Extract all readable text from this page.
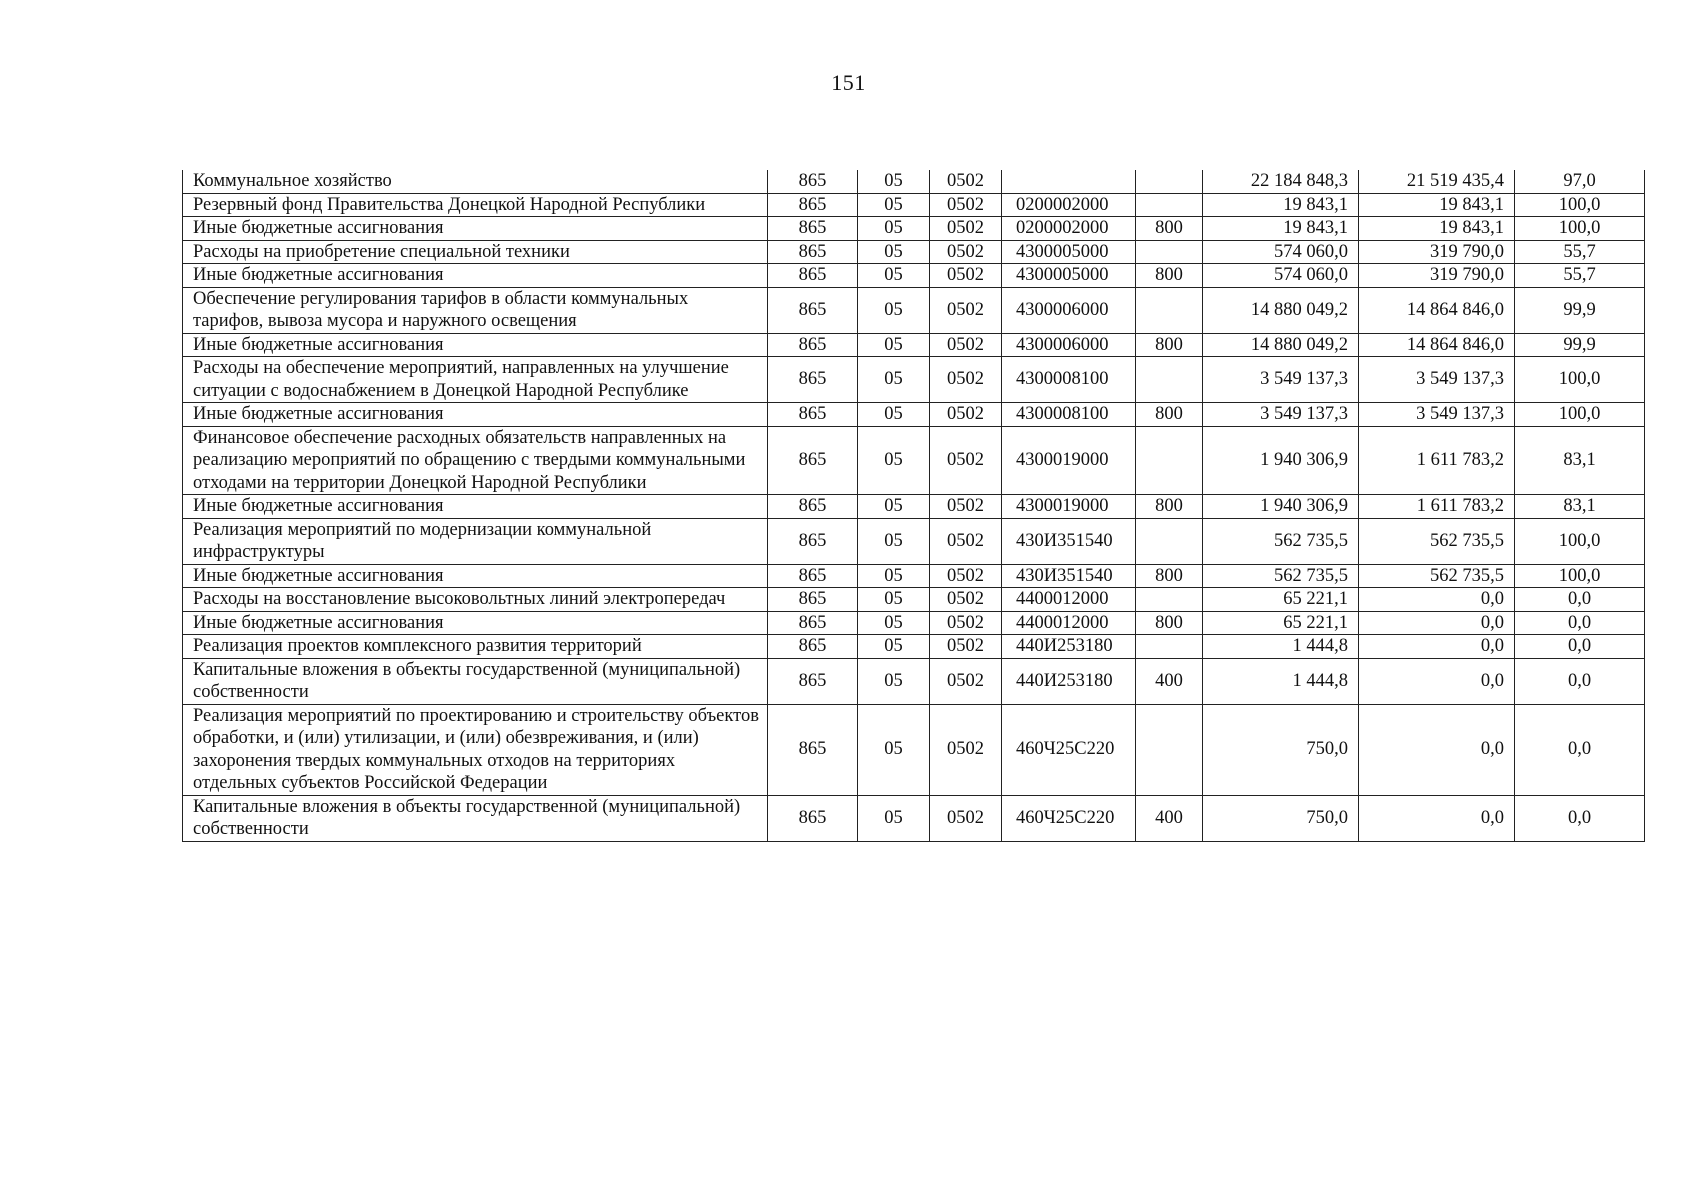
151
Коммунальное хозяйство	865	05	0502			22 184 848,3	21 519 435,4	97,0
Резервный фонд Правительства Донецкой Народной Республики	865	05	0502	0200002000		19 843,1	19 843,1	100,0
Иные бюджетные ассигнования	865	05	0502	0200002000	800	19 843,1	19 843,1	100,0
Расходы на приобретение специальной техники	865	05	0502	4300005000		574 060,0	319 790,0	55,7
Иные бюджетные ассигнования	865	05	0502	4300005000	800	574 060,0	319 790,0	55,7
Обеспечение регулирования тарифов в области коммунальных тарифов, вывоза мусора и наружного освещения	865	05	0502	4300006000		14 880 049,2	14 864 846,0	99,9
Иные бюджетные ассигнования	865	05	0502	4300006000	800	14 880 049,2	14 864 846,0	99,9
Расходы на обеспечение мероприятий, направленных на улучшение ситуации с водоснабжением в Донецкой Народной Республике	865	05	0502	4300008100		3 549 137,3	3 549 137,3	100,0
Иные бюджетные ассигнования	865	05	0502	4300008100	800	3 549 137,3	3 549 137,3	100,0
Финансовое обеспечение расходных обязательств направленных на реализацию мероприятий по обращению с твердыми коммунальными отходами на территории Донецкой Народной Республики	865	05	0502	4300019000		1 940 306,9	1 611 783,2	83,1
Иные бюджетные ассигнования	865	05	0502	4300019000	800	1 940 306,9	1 611 783,2	83,1
Реализация мероприятий по модернизации коммунальной инфраструктуры	865	05	0502	430И351540		562 735,5	562 735,5	100,0
Иные бюджетные ассигнования	865	05	0502	430И351540	800	562 735,5	562 735,5	100,0
Расходы на восстановление высоковольтных линий электропередач	865	05	0502	4400012000		65 221,1	0,0	0,0
Иные бюджетные ассигнования	865	05	0502	4400012000	800	65 221,1	0,0	0,0
Реализация проектов комплексного развития территорий	865	05	0502	440И253180		1 444,8	0,0	0,0
Капитальные вложения в объекты государственной (муниципальной) собственности	865	05	0502	440И253180	400	1 444,8	0,0	0,0
Реализация мероприятий по проектированию и строительству объектов обработки, и (или) утилизации, и (или) обезвреживания, и (или) захоронения твердых коммунальных отходов на территориях отдельных субъектов Российской Федерации	865	05	0502	460Ч25С220		750,0	0,0	0,0
Капитальные вложения в объекты государственной (муниципальной) собственности	865	05	0502	460Ч25С220	400	750,0	0,0	0,0
